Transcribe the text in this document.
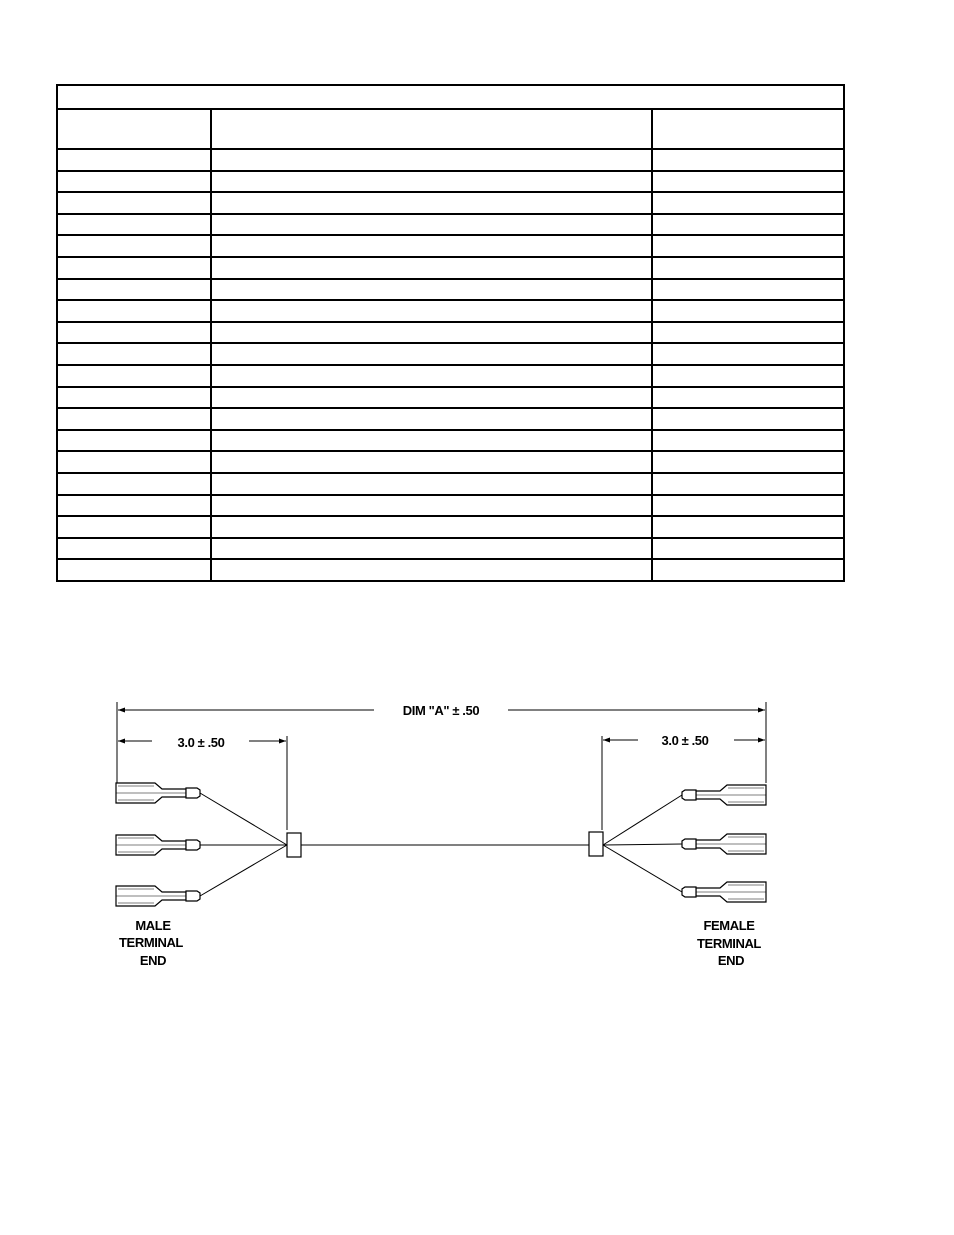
DIM "A" ± .50
3.0 ± .50	3.0 ± .50
MALE
TERMINAL
END
FEMALE
TERMINAL
END
